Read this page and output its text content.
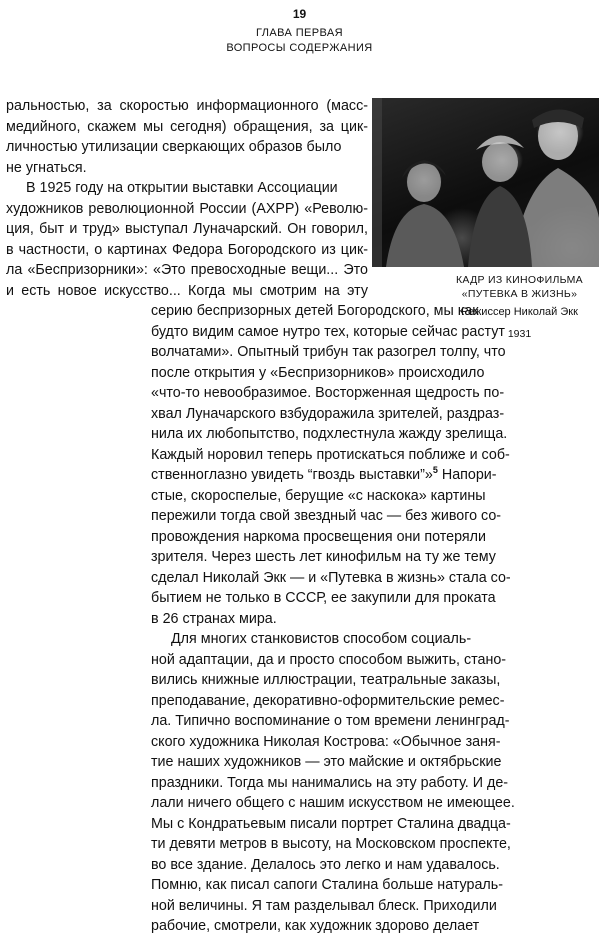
19
ГЛАВА ПЕРВАЯ
ВОПРОСЫ СОДЕРЖАНИЯ
КАДР ИЗ КИНОФИЛЬМА
«ПУТЕВКА В ЖИЗНЬ»
Режиссер Николай Экк
1931
ральностью, за скоростью информационного (масс-
медийного, скажем мы сегодня) обращения, за цик-
личностью утилизации сверкающих образов было
не угнаться.
В 1925 году на открытии выставки Ассоциации
художников революционной России (АХРР) «Револю-
ция, быт и труд» выступал Луначарский. Он говорил,
в частности, о картинах Федора Богородского из цик-
ла «Беспризорники»: «Это превосходные вещи... Это
и есть новое искусство... Когда мы смотрим на эту
серию беспризорных детей Богородского, мы как
будто видим самое нутро тех, которые сейчас растут
волчатами». Опытный трибун так разогрел толпу, что
после открытия у «Беспризорников» происходило
«что-то невообразимое. Восторженная щедрость по-
хвал Луначарского взбудоражила зрителей, раздраз-
нила их любопытство, подхлестнула жажду зрелища.
Каждый норовил теперь протискаться поближе и соб-
ственноглазно увидеть “гвоздь выставки”»$^5$ Напори-
стые, скороспелые, берущие «с наскока» картины
пережили тогда свой звездный час — без живого со-
провождения наркома просвещения они потеряли
зрителя. Через шесть лет кинофильм на ту же тему
сделал Николай Экк — и «Путевка в жизнь» стала со-
бытием не только в СССР, ее закупили для проката
в 26 странах мира.
Для многих станковистов способом социаль-
ной адаптации, да и просто способом выжить, стано-
вились книжные иллюстрации, театральные заказы,
преподавание, декоративно-оформительские ремес-
ла. Типично воспоминание о том времени ленинград-
ского художника Николая Кострова: «Обычное заня-
тие наших художников — это майские и октябрьские
праздники. Тогда мы нанимались на эту работу. И де-
лали ничего общего с нашим искусством не имеющее.
Мы с Кондратьевым писали портрет Сталина двадца-
ти девяти метров в высоту, на Московском проспекте,
во все здание. Делалось это легко и нам удавалось.
Помню, как писал сапоги Сталина больше натураль-
ной величины. Я там разделывал блеск. Приходили
рабочие, смотрели, как художник здорово делает
